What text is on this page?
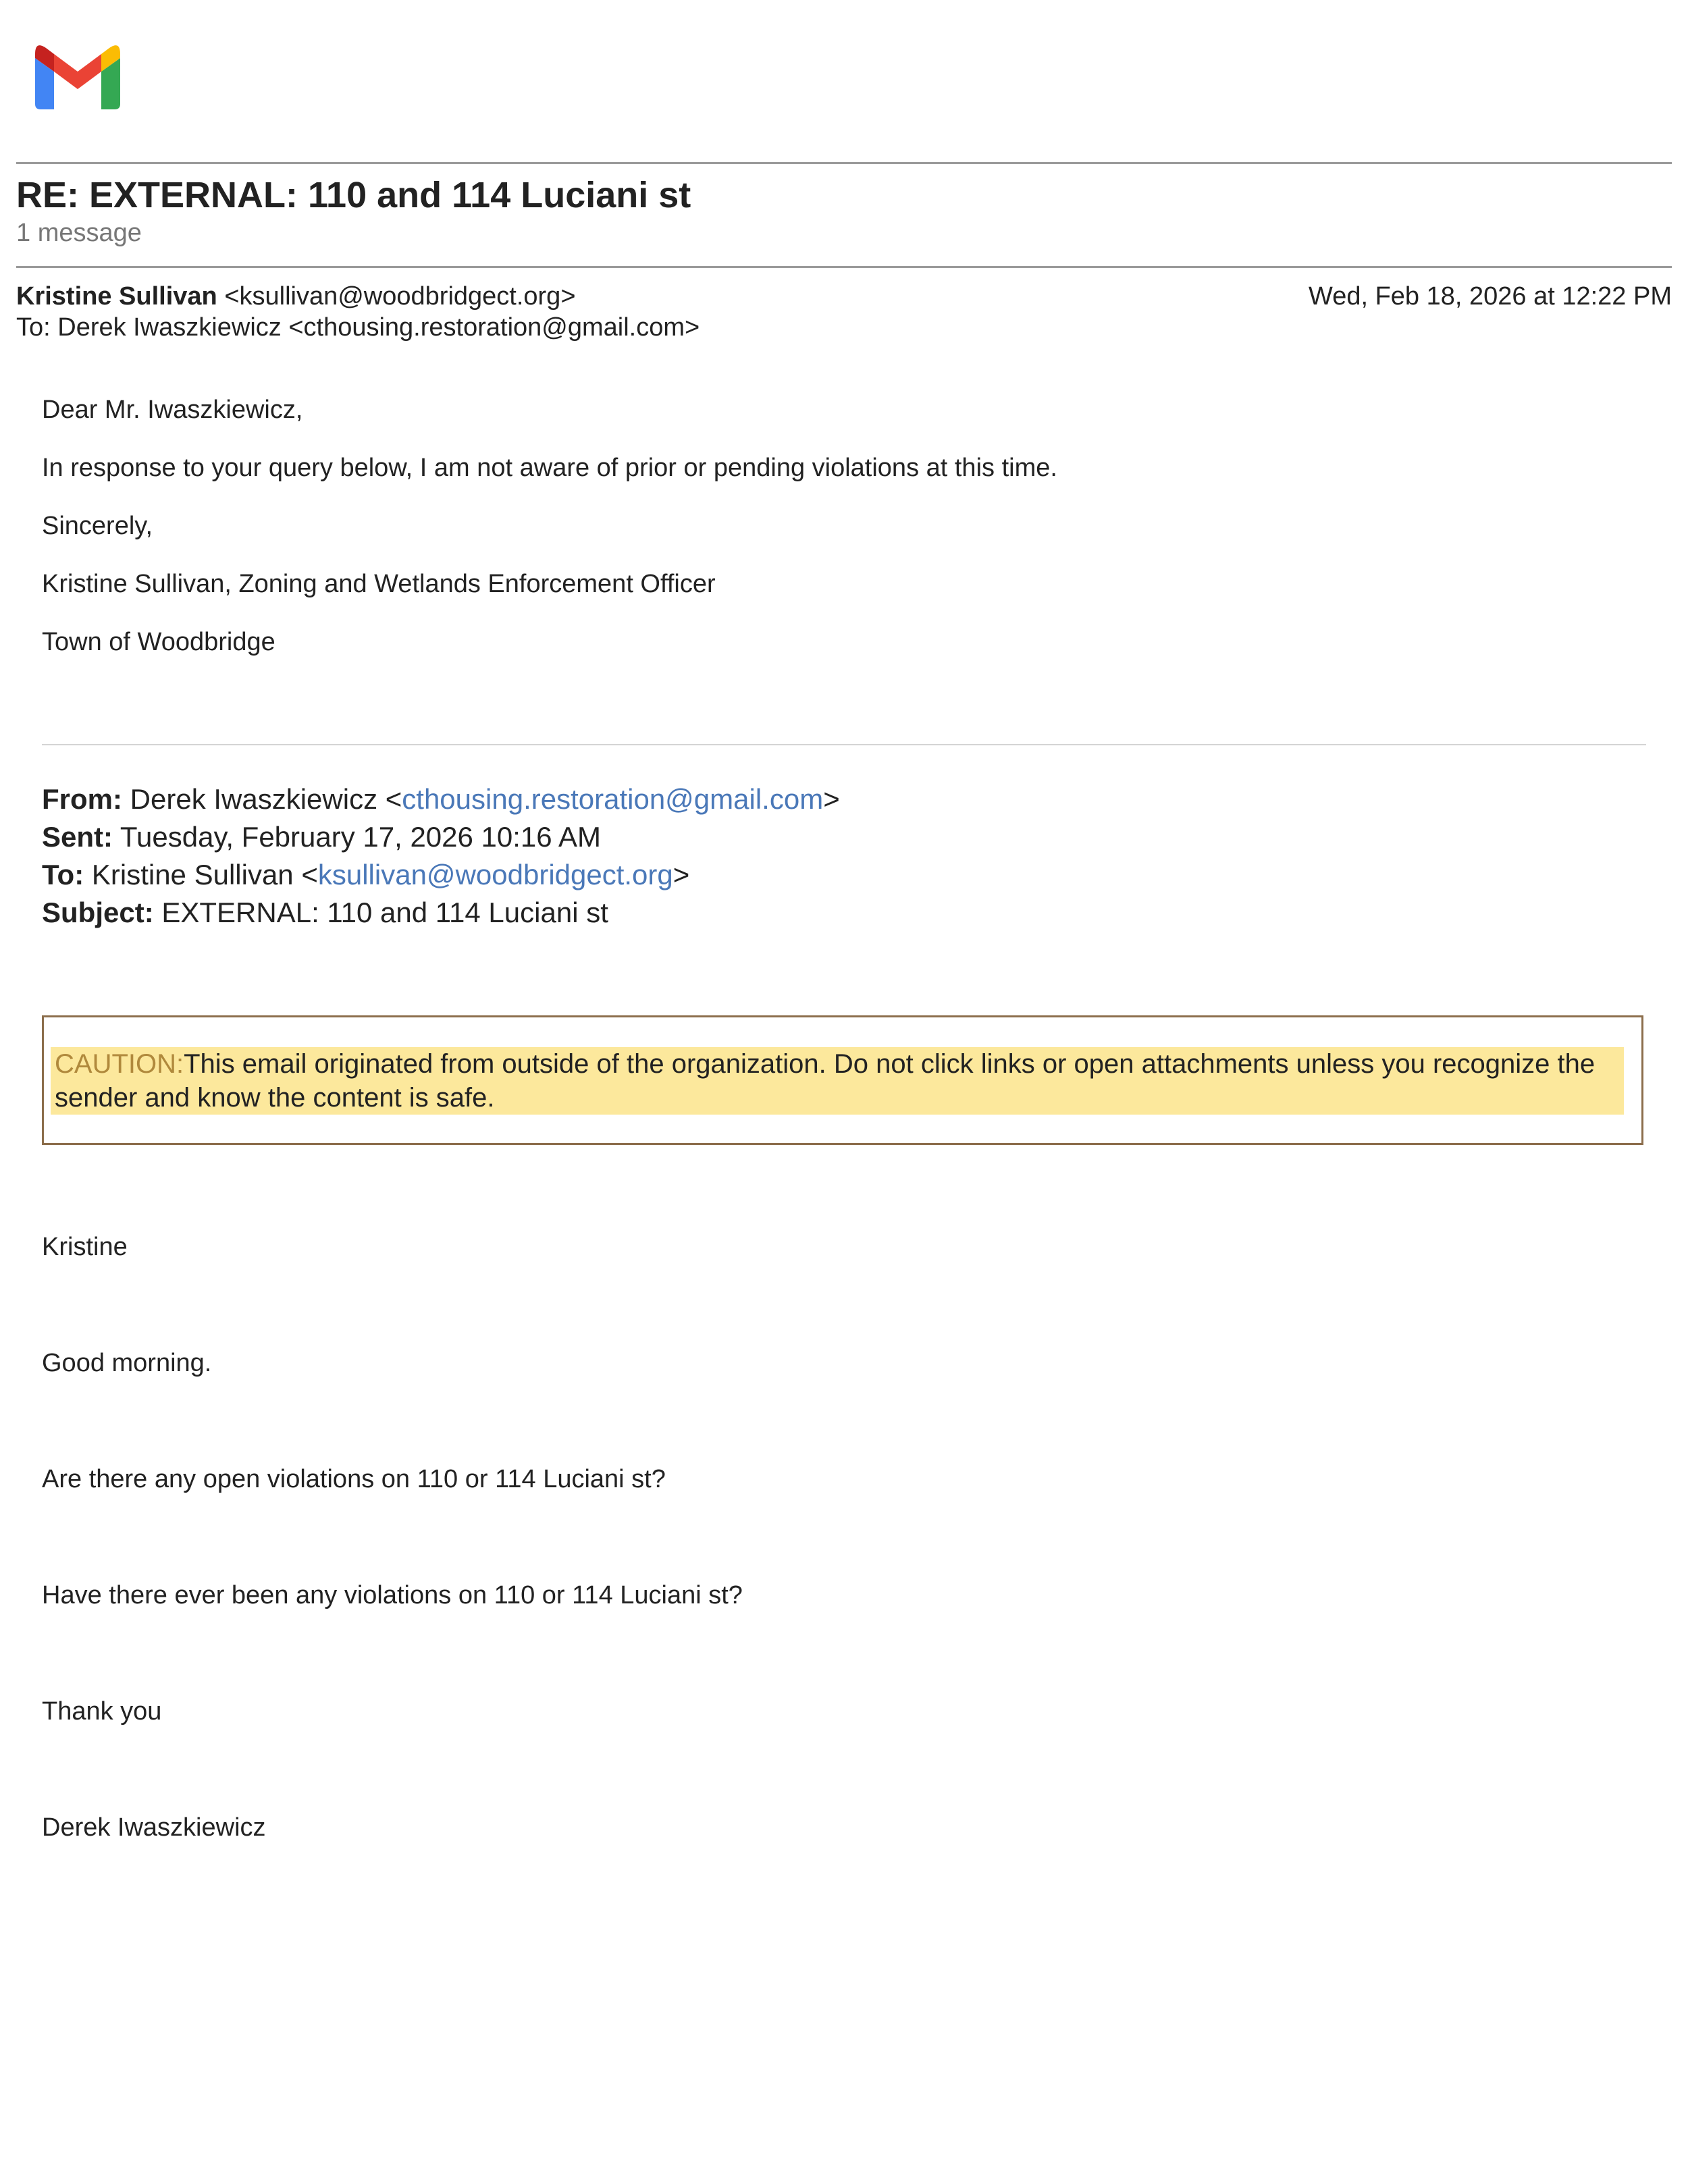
RE: EXTERNAL: 110 and 114 Luciani st
1 message
Kristine Sullivan <ksullivan@woodbridgect.org>
To: Derek Iwaszkiewicz <cthousing.restoration@gmail.com>
Wed, Feb 18, 2026 at 12:22 PM
Dear Mr. Iwaszkiewicz,
In response to your query below, I am not aware of prior or pending violations at this time.
Sincerely,
Kristine Sullivan, Zoning and Wetlands Enforcement Officer
Town of Woodbridge
From: Derek Iwaszkiewicz <cthousing.restoration@gmail.com>
Sent: Tuesday, February 17, 2026 10:16 AM
To: Kristine Sullivan <ksullivan@woodbridgect.org>
Subject: EXTERNAL: 110 and 114 Luciani st
CAUTION:This email originated from outside of the organization. Do not click links or open attachments unless you recognize the sender and know the content is safe.
Kristine
Good morning.
Are there any open violations on 110 or 114 Luciani st?
Have there ever been any violations on 110 or 114 Luciani st?
Thank you
Derek Iwaszkiewicz
